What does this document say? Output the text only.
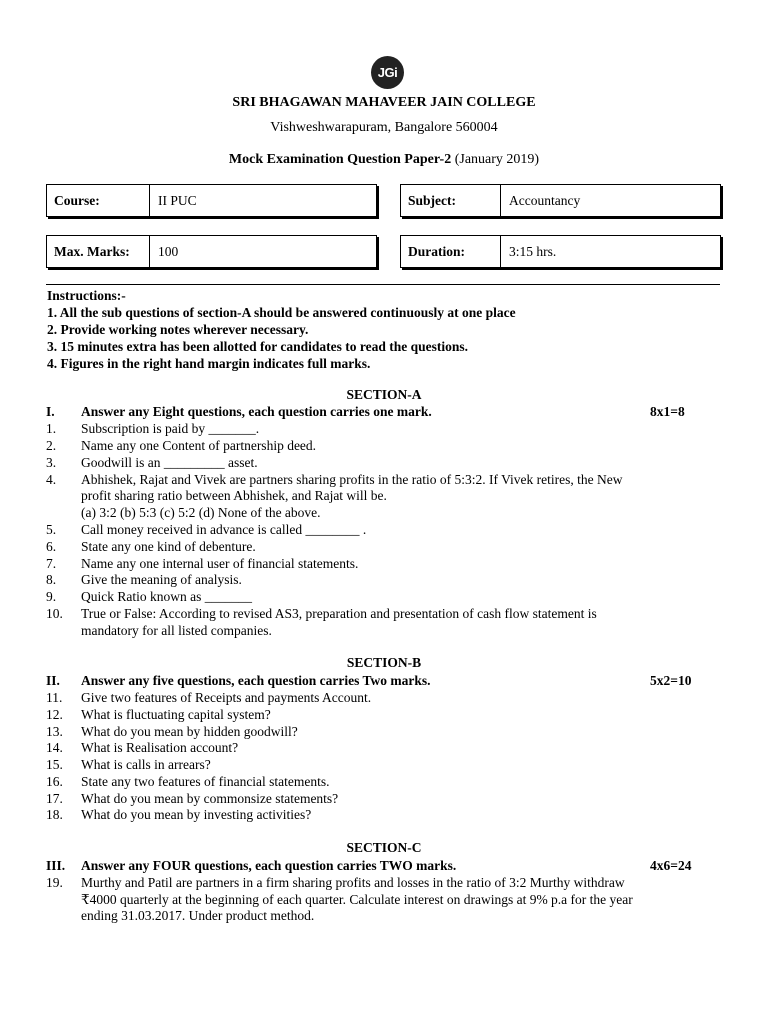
JGi
SRI BHAGAWAN MAHAVEER JAIN COLLEGE
Vishweshwarapuram, Bangalore 560004
Mock Examination Question Paper-2 (January 2019)
Course:	II PUC	Subject:	Accountancy
Max. Marks:	100	Duration:	3:15 hrs.
Instructions:-
1. All the sub questions of section-A should be answered continuously at one place
2. Provide working notes wherever necessary.
3. 15 minutes extra has been allotted for candidates to read the questions.
4. Figures in the right hand margin indicates full marks.
SECTION-A
I. Answer any Eight questions, each question carries one mark.	8x1=8
1. Subscription is paid by _______.
2. Name any one Content of partnership deed.
3. Goodwill is an _________ asset.
4. Abhishek, Rajat and Vivek are partners sharing profits in the ratio of 5:3:2. If Vivek retires, the New
profit sharing ratio between Abhishek, and Rajat will be.
(a) 3:2 (b) 5:3 (c) 5:2 (d) None of the above.
5. Call money received in advance is called ________ .
6. State any one kind of debenture.
7. Name any one internal user of financial statements.
8. Give the meaning of analysis.
9. Quick Ratio known as _______
10. True or False: According to revised AS3, preparation and presentation of cash flow statement is
mandatory for all listed companies.
SECTION-B
II. Answer any five questions, each question carries Two marks.	5x2=10
11. Give two features of Receipts and payments Account.
12. What is fluctuating capital system?
13. What do you mean by hidden goodwill?
14. What is Realisation account?
15. What is calls in arrears?
16. State any two features of financial statements.
17. What do you mean by commonsize statements?
18. What do you mean by investing activities?
SECTION-C
III. Answer any FOUR questions, each question carries TWO marks.	4x6=24
19. Murthy and Patil are partners in a firm sharing profits and losses in the ratio of 3:2 Murthy withdraw
₹4000 quarterly at the beginning of each quarter. Calculate interest on drawings at 9% p.a for the year
ending 31.03.2017. Under product method.
